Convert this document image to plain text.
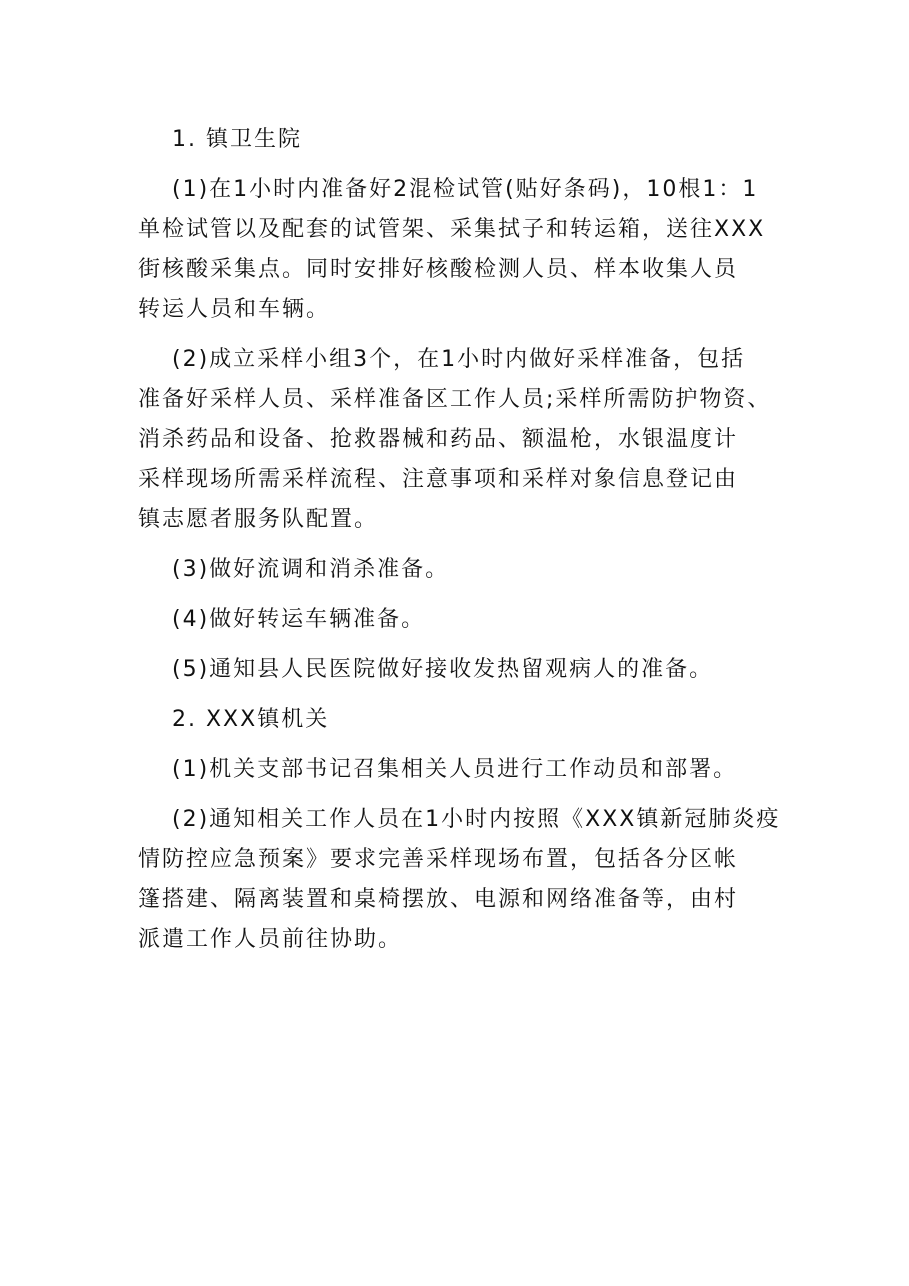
1. 镇卫生院
(1)在1小时内准备好2混检试管(贴好条码)，10根1：1
单检试管以及配套的试管架、采集拭子和转运箱，送往XXX
街核酸采集点。同时安排好核酸检测人员、样本收集人员
转运人员和车辆。
(2)成立采样小组3个，在1小时内做好采样准备，包括
准备好采样人员、采样准备区工作人员;采样所需防护物资、
消杀药品和设备、抢救器械和药品、额温枪，水银温度计
采样现场所需采样流程、注意事项和采样对象信息登记由
镇志愿者服务队配置。
(3)做好流调和消杀准备。
(4)做好转运车辆准备。
(5)通知县人民医院做好接收发热留观病人的准备。
2. XXX镇机关
(1)机关支部书记召集相关人员进行工作动员和部署。
(2)通知相关工作人员在1小时内按照《XXX镇新冠肺炎疫
情防控应急预案》要求完善采样现场布置，包括各分区帐
篷搭建、隔离装置和桌椅摆放、电源和网络准备等，由村
派遣工作人员前往协助。
